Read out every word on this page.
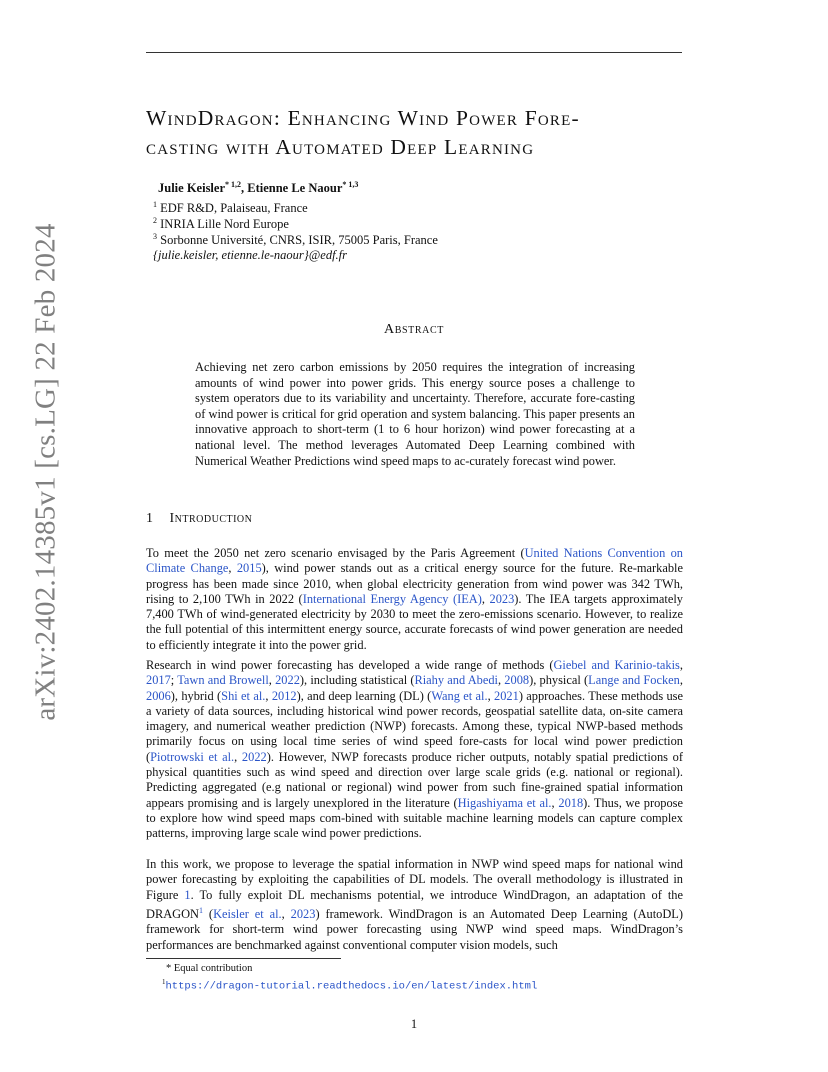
arXiv:2402.14385v1 [cs.LG] 22 Feb 2024
WindDragon: Enhancing Wind Power Fore-
casting with Automated Deep Learning
Julie Keisler$^{* 1,2}$, Etienne Le Naour$^{* 1,3}$
$^1$ EDF R&D, Palaiseau, France
$^2$ INRIA Lille Nord Europe
$^3$ Sorbonne Université, CNRS, ISIR, 75005 Paris, France
{julie.keisler, etienne.le-naour}@edf.fr
Abstract
Achieving net zero carbon emissions by 2050 requires the integration of increasing amounts of wind power into power grids. This energy source poses a challenge to system operators due to its variability and uncertainty. Therefore, accurate fore-casting of wind power is critical for grid operation and system balancing. This paper presents an innovative approach to short-term (1 to 6 hour horizon) wind power forecasting at a national level. The method leverages Automated Deep Learning combined with Numerical Weather Predictions wind speed maps to ac-curately forecast wind power.
1 Introduction
To meet the 2050 net zero scenario envisaged by the Paris Agreement (United Nations Convention on Climate Change, 2015), wind power stands out as a critical energy source for the future. Re-markable progress has been made since 2010, when global electricity generation from wind power was 342 TWh, rising to 2,100 TWh in 2022 (International Energy Agency (IEA), 2023). The IEA targets approximately 7,400 TWh of wind-generated electricity by 2030 to meet the zero-emissions scenario. However, to realize the full potential of this intermittent energy source, accurate forecasts of wind power generation are needed to efficiently integrate it into the power grid.
Research in wind power forecasting has developed a wide range of methods (Giebel and Karinio-takis, 2017; Tawn and Browell, 2022), including statistical (Riahy and Abedi, 2008), physical (Lange and Focken, 2006), hybrid (Shi et al., 2012), and deep learning (DL) (Wang et al., 2021) approaches. These methods use a variety of data sources, including historical wind power records, geospatial satellite data, on-site camera imagery, and numerical weather prediction (NWP) forecasts. Among these, typical NWP-based methods primarily focus on using local time series of wind speed fore-casts for local wind power prediction (Piotrowski et al., 2022). However, NWP forecasts produce richer outputs, notably spatial predictions of physical quantities such as wind speed and direction over large scale grids (e.g. national or regional). Predicting aggregated (e.g national or regional) wind power from such fine-grained spatial information appears promising and is largely unexplored in the literature (Higashiyama et al., 2018). Thus, we propose to explore how wind speed maps com-bined with suitable machine learning models can capture complex patterns, improving large scale wind power predictions.
In this work, we propose to leverage the spatial information in NWP wind speed maps for national wind power forecasting by exploiting the capabilities of DL models. The overall methodology is illustrated in Figure 1. To fully exploit DL mechanisms potential, we introduce WindDragon, an adaptation of the DRAGON$^1$ (Keisler et al., 2023) framework. WindDragon is an Automated Deep Learning (AutoDL) framework for short-term wind power forecasting using NWP wind speed maps. WindDragon’s performances are benchmarked against conventional computer vision models, such
* Equal contribution
$^1$https://dragon-tutorial.readthedocs.io/en/latest/index.html
1
